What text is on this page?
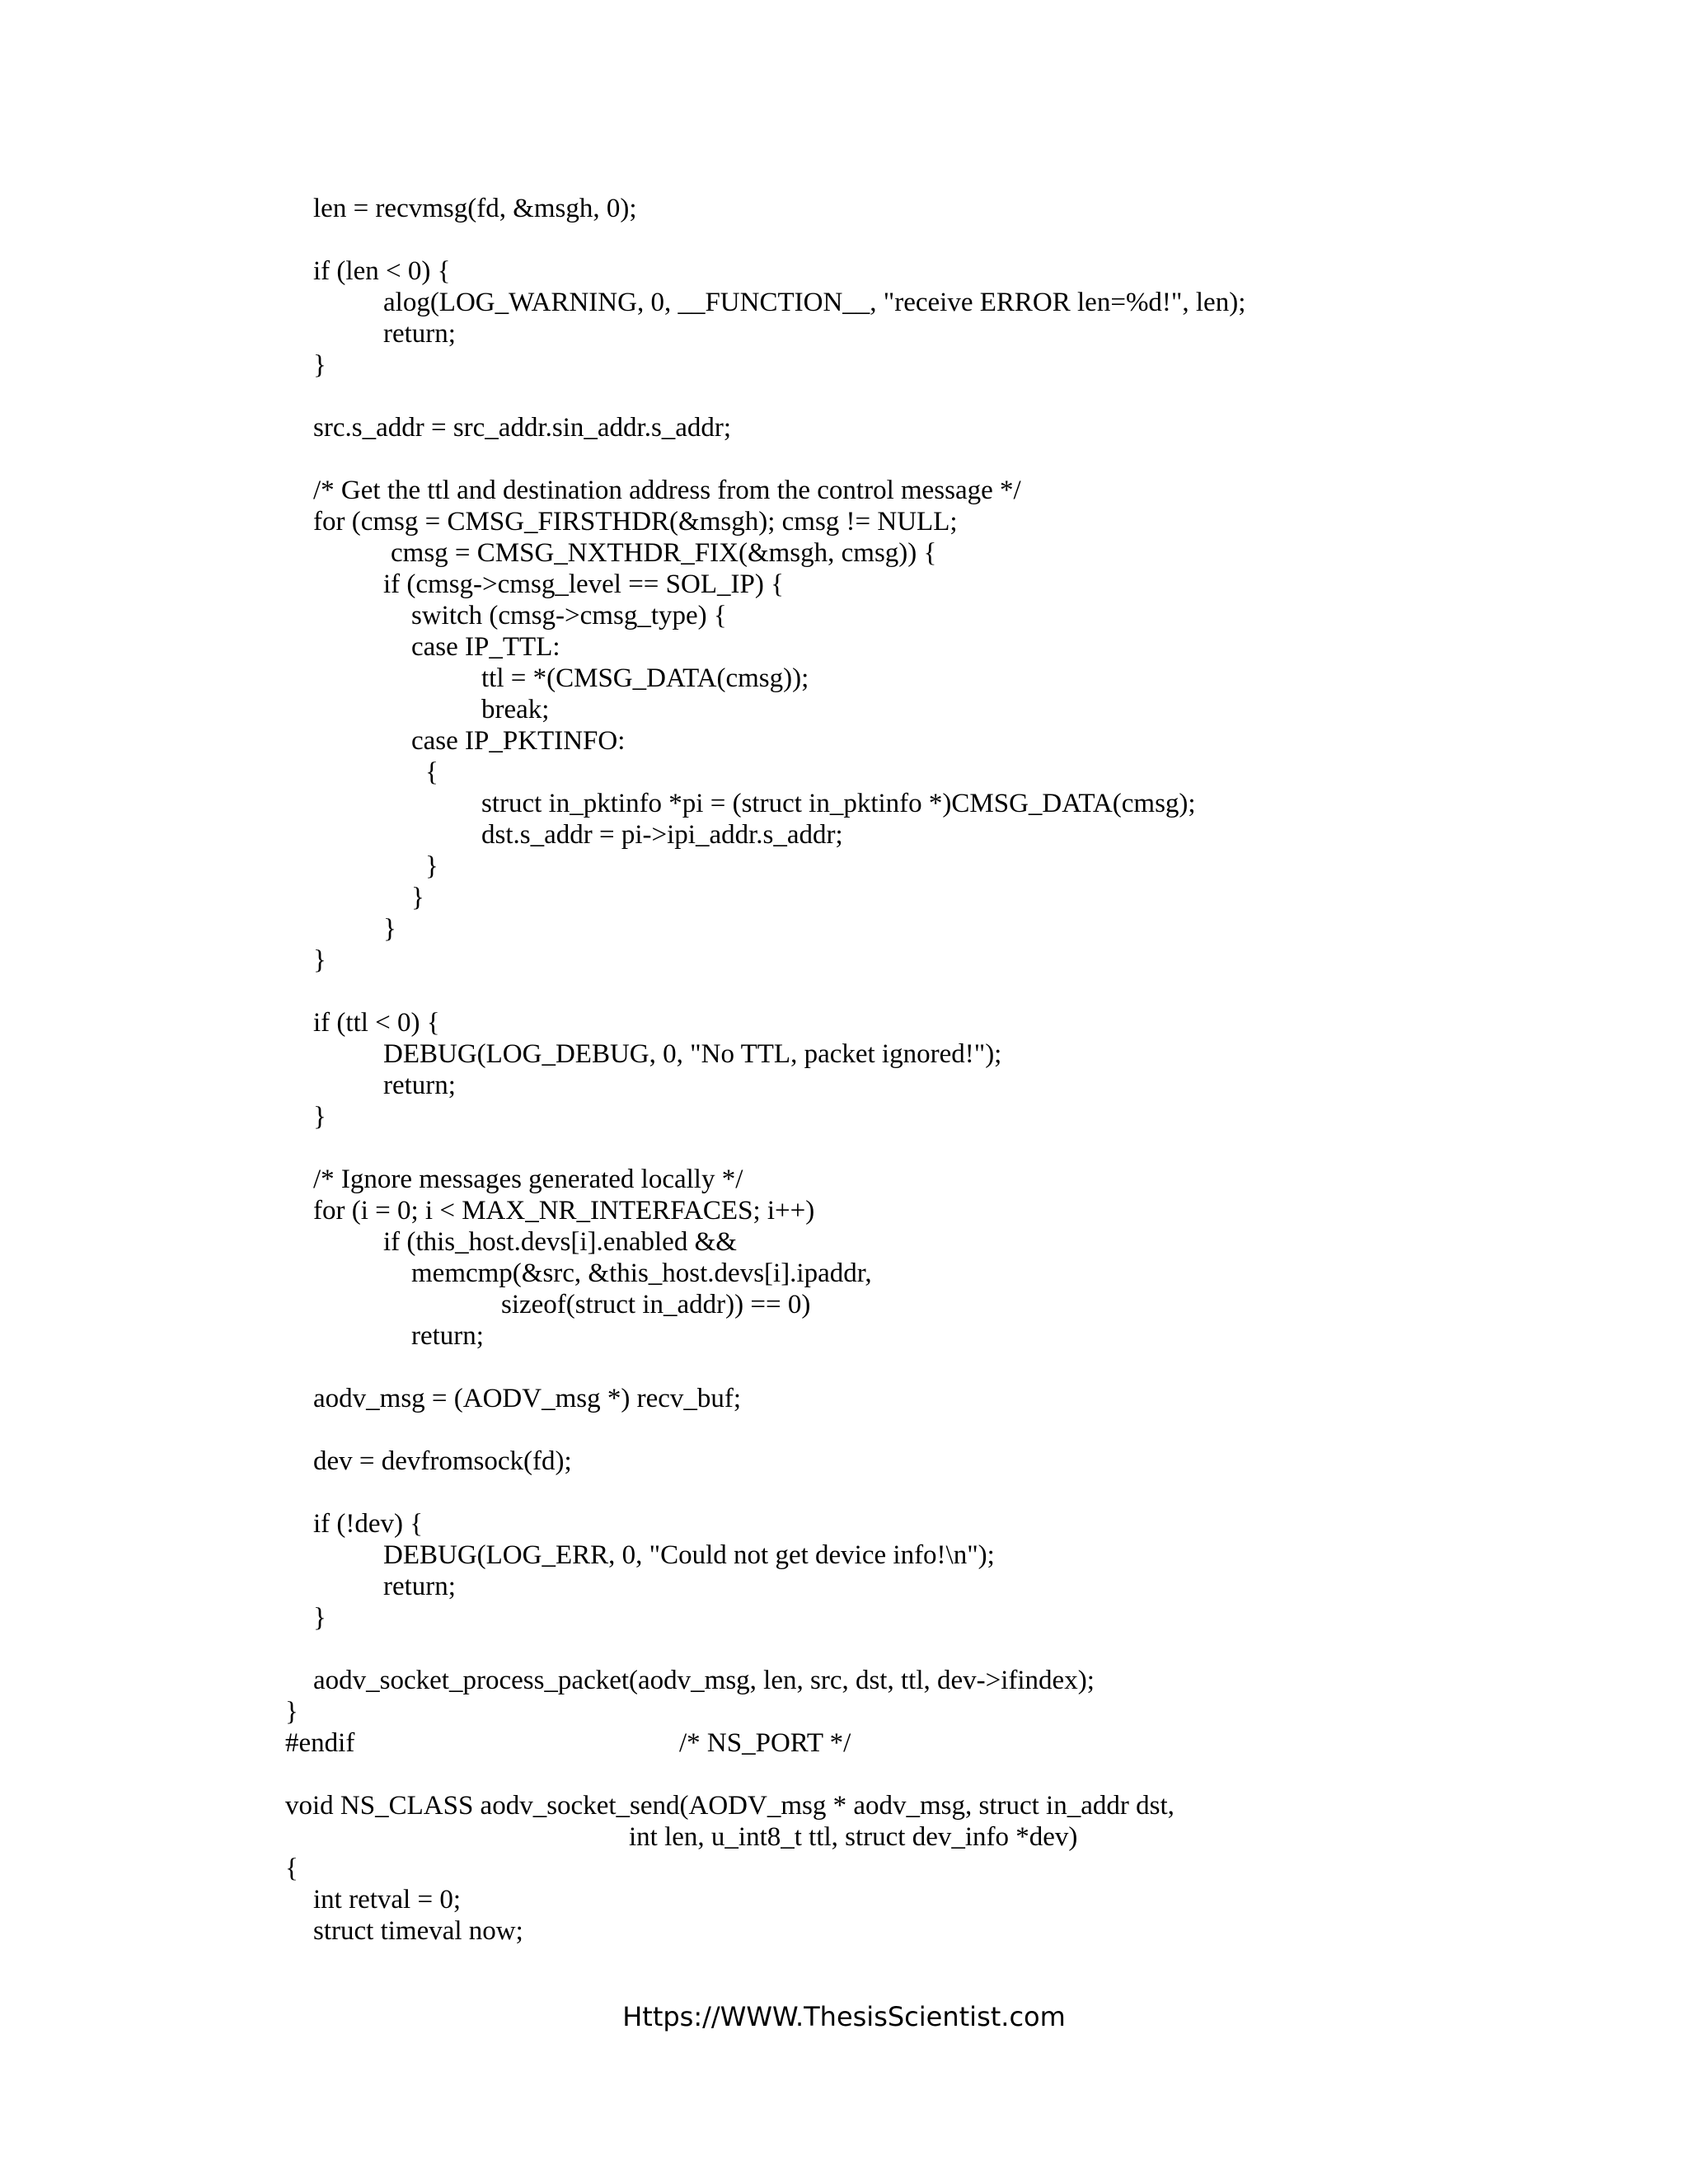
len = recvmsg(fd, &msgh, 0);
if (len < 0) {
alog(LOG_WARNING, 0, __FUNCTION__, "receive ERROR len=%d!", len);
return;
}
src.s_addr = src_addr.sin_addr.s_addr;
/* Get the ttl and destination address from the control message */
for (cmsg = CMSG_FIRSTHDR(&msgh); cmsg != NULL;
cmsg = CMSG_NXTHDR_FIX(&msgh, cmsg)) {
if (cmsg->cmsg_level == SOL_IP) {
switch (cmsg->cmsg_type) {
case IP_TTL:
ttl = *(CMSG_DATA(cmsg));
break;
case IP_PKTINFO:
{
struct in_pktinfo *pi = (struct in_pktinfo *)CMSG_DATA(cmsg);
dst.s_addr = pi->ipi_addr.s_addr;
}
}
}
}
if (ttl < 0) {
DEBUG(LOG_DEBUG, 0, "No TTL, packet ignored!");
return;
}
/* Ignore messages generated locally */
for (i = 0; i < MAX_NR_INTERFACES; i++)
if (this_host.devs[i].enabled &&
memcmp(&src, &this_host.devs[i].ipaddr,
sizeof(struct in_addr)) == 0)
return;
aodv_msg = (AODV_msg *) recv_buf;
dev = devfromsock(fd);
if (!dev) {
DEBUG(LOG_ERR, 0, "Could not get device info!\n");
return;
}
aodv_socket_process_packet(aodv_msg, len, src, dst, ttl, dev->ifindex);
}
#endif	/* NS_PORT */
void NS_CLASS aodv_socket_send(AODV_msg * aodv_msg, struct in_addr dst,
int len, u_int8_t ttl, struct dev_info *dev)
{
int retval = 0;
struct timeval now;
Https://WWW.ThesisScientist.com
